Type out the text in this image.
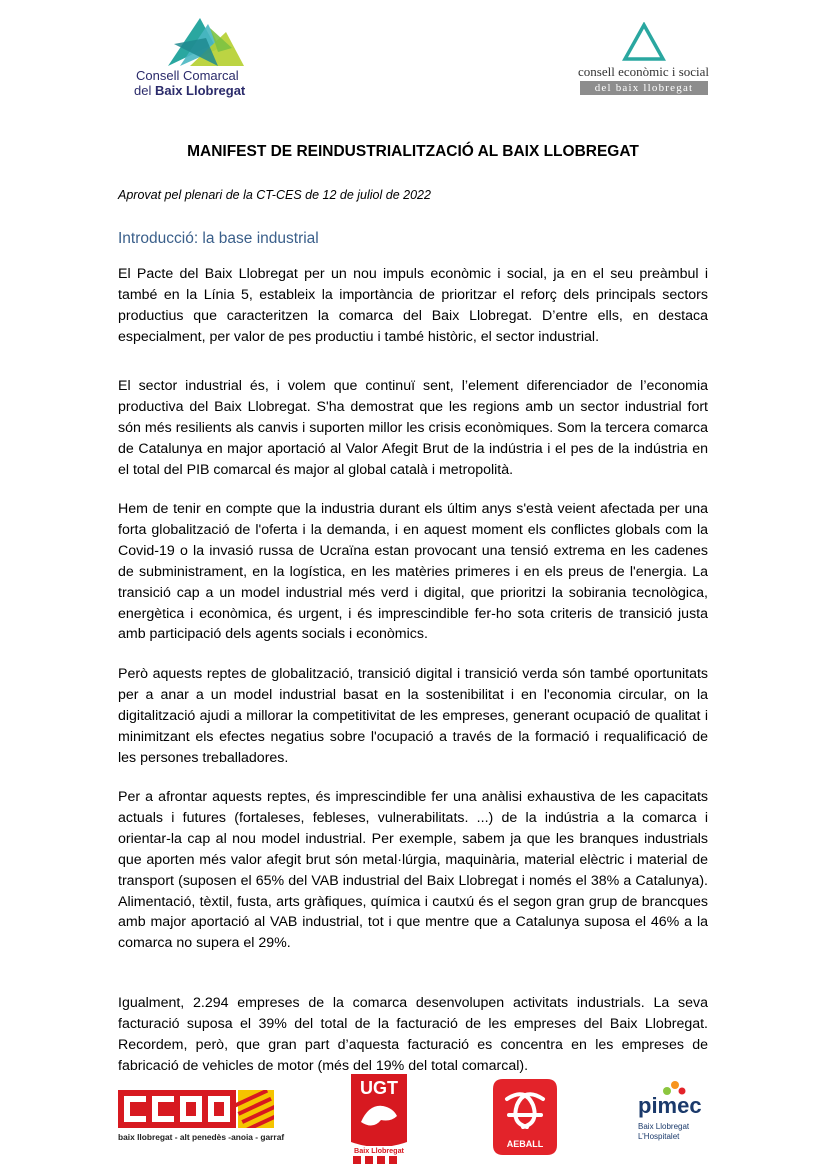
Consell Comarcal
del Baix Llobregat
consell econòmic i social
del baix llobregat
MANIFEST DE REINDUSTRIALITZACIÓ AL BAIX LLOBREGAT
Aprovat pel plenari de la CT-CES de 12 de juliol de 2022
Introducció: la base industrial

El Pacte del Baix Llobregat per un nou impuls econòmic i social, ja en el seu preàmbul i també en la Línia 5, estableix la importància de prioritzar el reforç dels principals sectors productius que caracteritzen la comarca del Baix Llobregat. D’entre ells, en destaca especialment, per valor de pes productiu i també històric, el sector industrial.

El sector industrial és, i volem que continuï sent, l’element diferenciador de l’economia productiva del Baix Llobregat. S'ha demostrat que les regions amb un sector industrial fort són més resilients als canvis i suporten millor les crisis econòmiques. Som la tercera comarca de Catalunya en major aportació al Valor Afegit Brut de la indústria i el pes de la indústria en el total del PIB comarcal és major al global català i metropolità.

Hem de tenir en compte que la industria durant els últim anys s'està veient afectada per una forta globalització de l'oferta i la demanda, i en aquest moment els conflictes globals com la Covid-19 o la invasió russa de Ucraïna estan provocant una tensió extrema en les cadenes de subministrament, en la logística, en les matèries primeres i en els preus de l'energia. La transició cap a un model industrial més verd i digital, que prioritzi la sobirania tecnològica, energètica i econòmica, és urgent, i és imprescindible fer-ho sota criteris de transició justa amb participació dels agents socials i econòmics.

Però aquests reptes de globalització, transició digital i transició verda són també oportunitats per a anar a un model industrial basat en la sostenibilitat i en l'economia circular, on la digitalització ajudi a millorar la competitivitat de les empreses, generant ocupació de qualitat i minimitzant els efectes negatius sobre l'ocupació a través de la formació i requalificació de les persones treballadores.

Per a afrontar aquests reptes, és imprescindible fer una anàlisi exhaustiva de les capacitats actuals i futures (fortaleses, febleses, vulnerabilitats. ...) de la indústria a la comarca i orientar-la cap al nou model industrial. Per exemple, sabem ja que les branques industrials que aporten més valor afegit brut són metal·lúrgia, maquinària, material elèctric i material de transport (suposen el 65% del VAB industrial del Baix Llobregat i només el 38% a Catalunya). Alimentació, tèxtil, fusta, arts gràfiques, química i cautxú és el segon gran grup de brancques amb major aportació al VAB industrial, tot i que mentre que a Catalunya suposa el 46% a la comarca no supera el 29%.

Igualment, 2.294 empreses de la comarca desenvolupen activitats industrials. La seva facturació suposa el 39% del total de la facturació de les empreses del Baix Llobregat. Recordem, però, que gran part d’aquesta facturació es concentra en les empreses de fabricació de vehicles de motor (més del 19% del total comarcal).

baix llobregat - alt penedès -anoia - garraf
UGT
Baix Llobregat
AEBALL
pimec
Baix Llobregat
L’Hospitalet
